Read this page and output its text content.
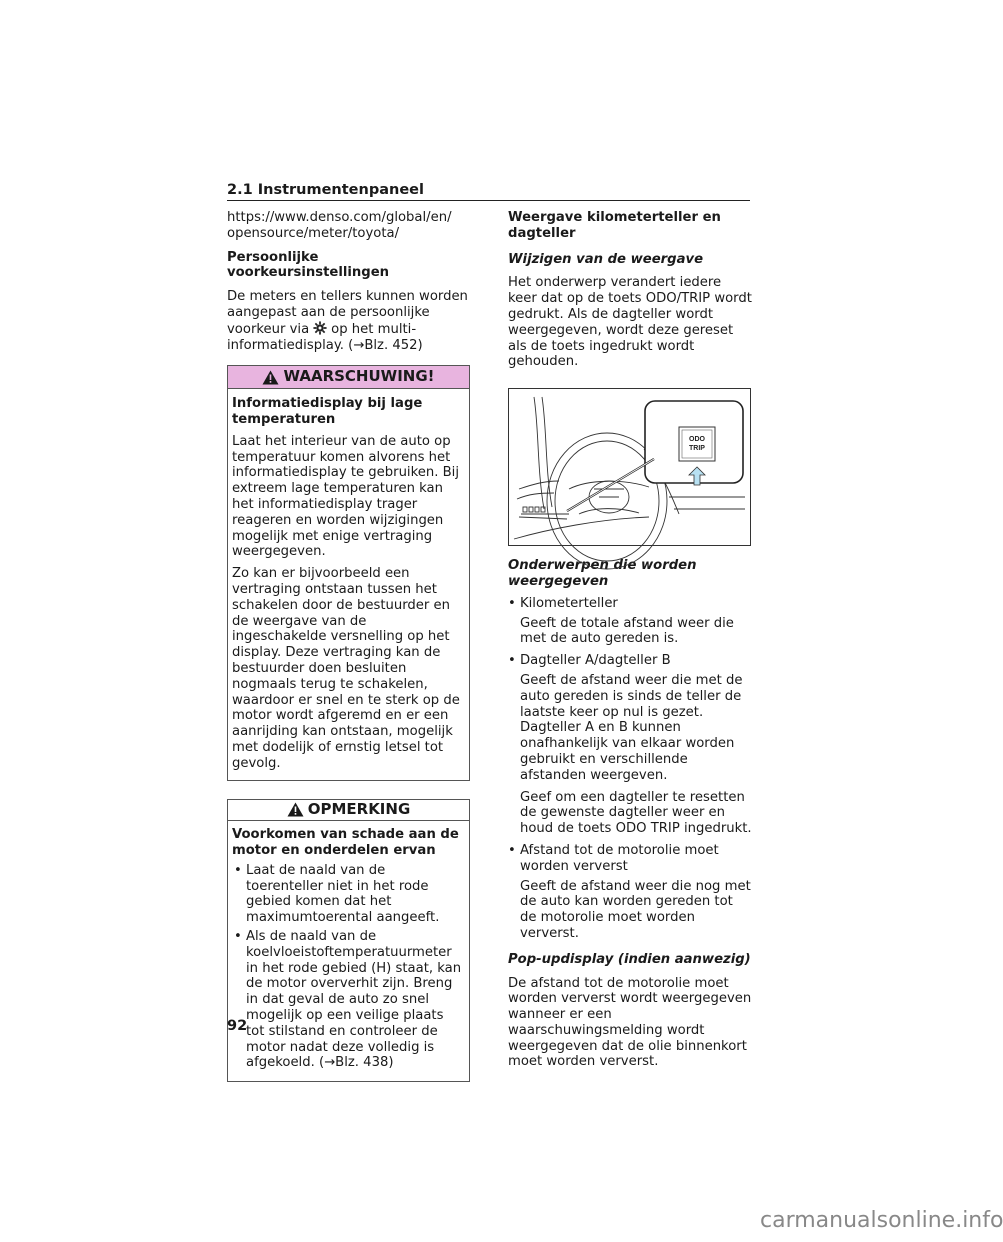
2.1 Instrumentenpaneel
https://www.denso.com/global/en/
opensource/meter/toyota/
Persoonlijke voorkeursinstellingen

De meters en tellers kunnen worden aangepast aan de persoonlijke voorkeur via op het multi-informatiedisplay. (→Blz. 452)

WAARSCHUWING!
Informatiedisplay bij lage temperaturen

Laat het interieur van de auto op temperatuur komen alvorens het informatiedisplay te gebruiken. Bij extreem lage temperaturen kan het informatiedisplay trager reageren en worden wijzigingen mogelijk met enige vertraging weergegeven.

Zo kan er bijvoorbeeld een vertraging ontstaan tussen het schakelen door de bestuurder en de weergave van de ingeschakelde versnelling op het display. Deze vertraging kan de bestuurder doen besluiten nogmaals terug te schakelen, waardoor er snel en te sterk op de motor wordt afgeremd en er een aanrijding kan ontstaan, mogelijk met dodelijk of ernstig letsel tot gevolg.

OPMERKING
Voorkomen van schade aan de motor en onderdelen ervan
• Laat de naald van de toerenteller niet in het rode gebied komen dat het maximumtoerental aangeeft.
• Als de naald van de koelvloeistoftemperatuurmeter in het rode gebied (H) staat, kan de motor oververhit zijn. Breng in dat geval de auto zo snel mogelijk op een veilige plaats tot stilstand en controleer de motor nadat deze volledig is afgekoeld. (→Blz. 438)
Weergave kilometerteller en dagteller
Wijzigen van de weergave

Het onderwerp verandert iedere keer dat op de toets ODO/TRIP wordt gedrukt. Als de dagteller wordt weergegeven, wordt deze gereset als de toets ingedrukt wordt gehouden.

ODO
TRIP
Onderwerpen die worden weergegeven
• Kilometerteller
Geeft de totale afstand weer die met de auto gereden is.
• Dagteller A/dagteller B
Geeft de afstand weer die met de auto gereden is sinds de teller de laatste keer op nul is gezet. Dagteller A en B kunnen onafhankelijk van elkaar worden gebruikt en verschillende afstanden weergeven.
Geef om een dagteller te resetten de gewenste dagteller weer en houd de toets ODO TRIP ingedrukt.
• Afstand tot de motorolie moet worden ververst
Geeft de afstand weer die nog met de auto kan worden gereden tot de motorolie moet worden ververst.
Pop-updisplay (indien aanwezig)

De afstand tot de motorolie moet worden ververst wordt weergegeven wanneer er een waarschuwingsmelding wordt weergegeven dat de olie binnenkort moet worden ververst.

92
carmanualsonline.info
